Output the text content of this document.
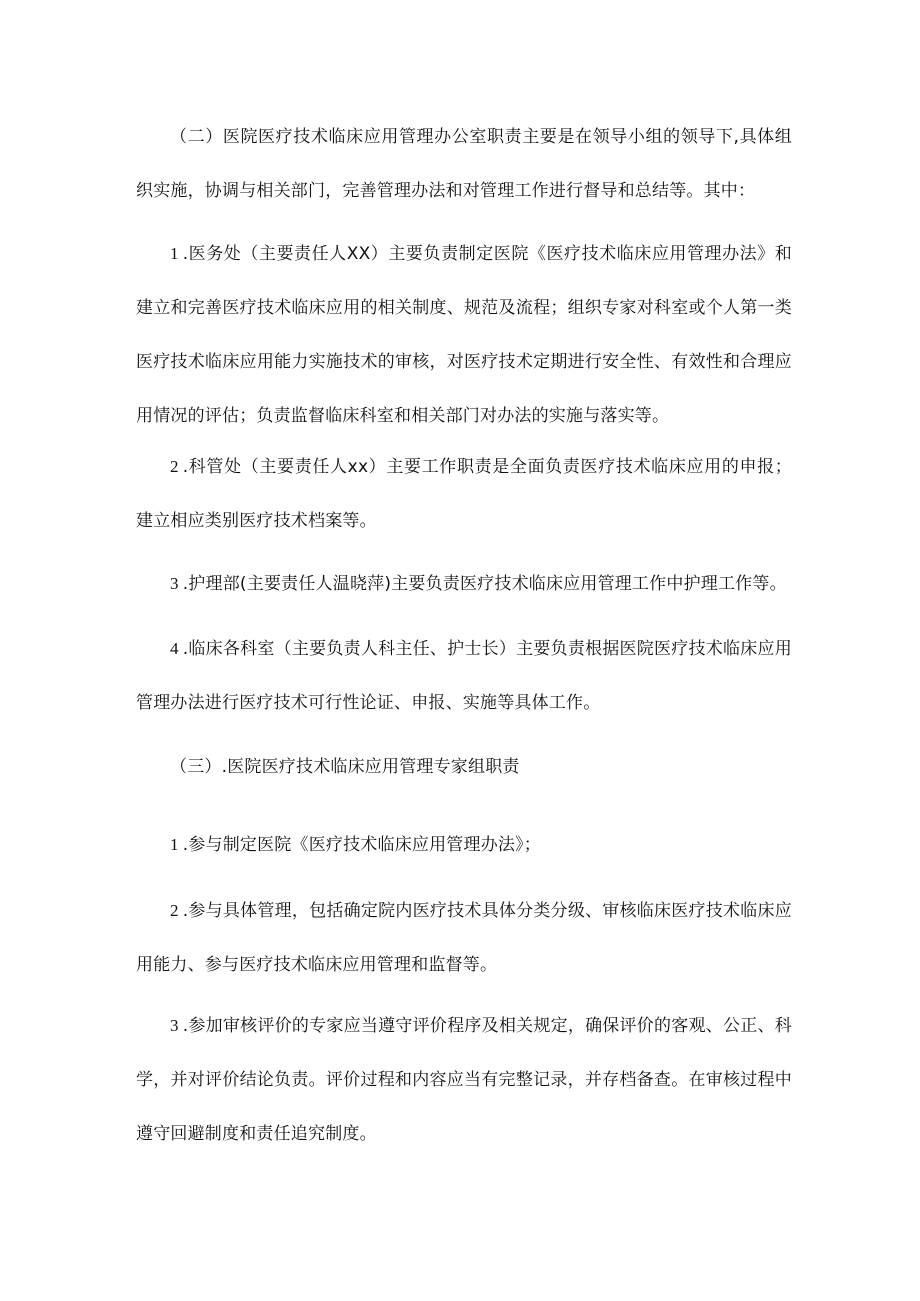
（二）医院医疗技术临床应用管理办公室职责主要是在领导小组的领导下,具体组织实施，协调与相关部门，完善管理办法和对管理工作进行督导和总结等。其中：

1 .医务处（主要责任人XX）主要负责制定医院《医疗技术临床应用管理办法》和建立和完善医疗技术临床应用的相关制度、规范及流程；组织专家对科室或个人第一类医疗技术临床应用能力实施技术的审核，对医疗技术定期进行安全性、有效性和合理应用情况的评估；负责监督临床科室和相关部门对办法的实施与落实等。

2 .科管处（主要责任人xx）主要工作职责是全面负责医疗技术临床应用的申报；建立相应类别医疗技术档案等。

3 .护理部(主要责任人温晓萍)主要负责医疗技术临床应用管理工作中护理工作等。

4 .临床各科室（主要负责人科主任、护士长）主要负责根据医院医疗技术临床应用管理办法进行医疗技术可行性论证、申报、实施等具体工作。

（三）.医院医疗技术临床应用管理专家组职责

1 .参与制定医院《医疗技术临床应用管理办法》；

2 .参与具体管理，包括确定院内医疗技术具体分类分级、审核临床医疗技术临床应用能力、参与医疗技术临床应用管理和监督等。

3 .参加审核评价的专家应当遵守评价程序及相关规定，确保评价的客观、公正、科学，并对评价结论负责。评价过程和内容应当有完整记录，并存档备查。在审核过程中遵守回避制度和责任追究制度。
